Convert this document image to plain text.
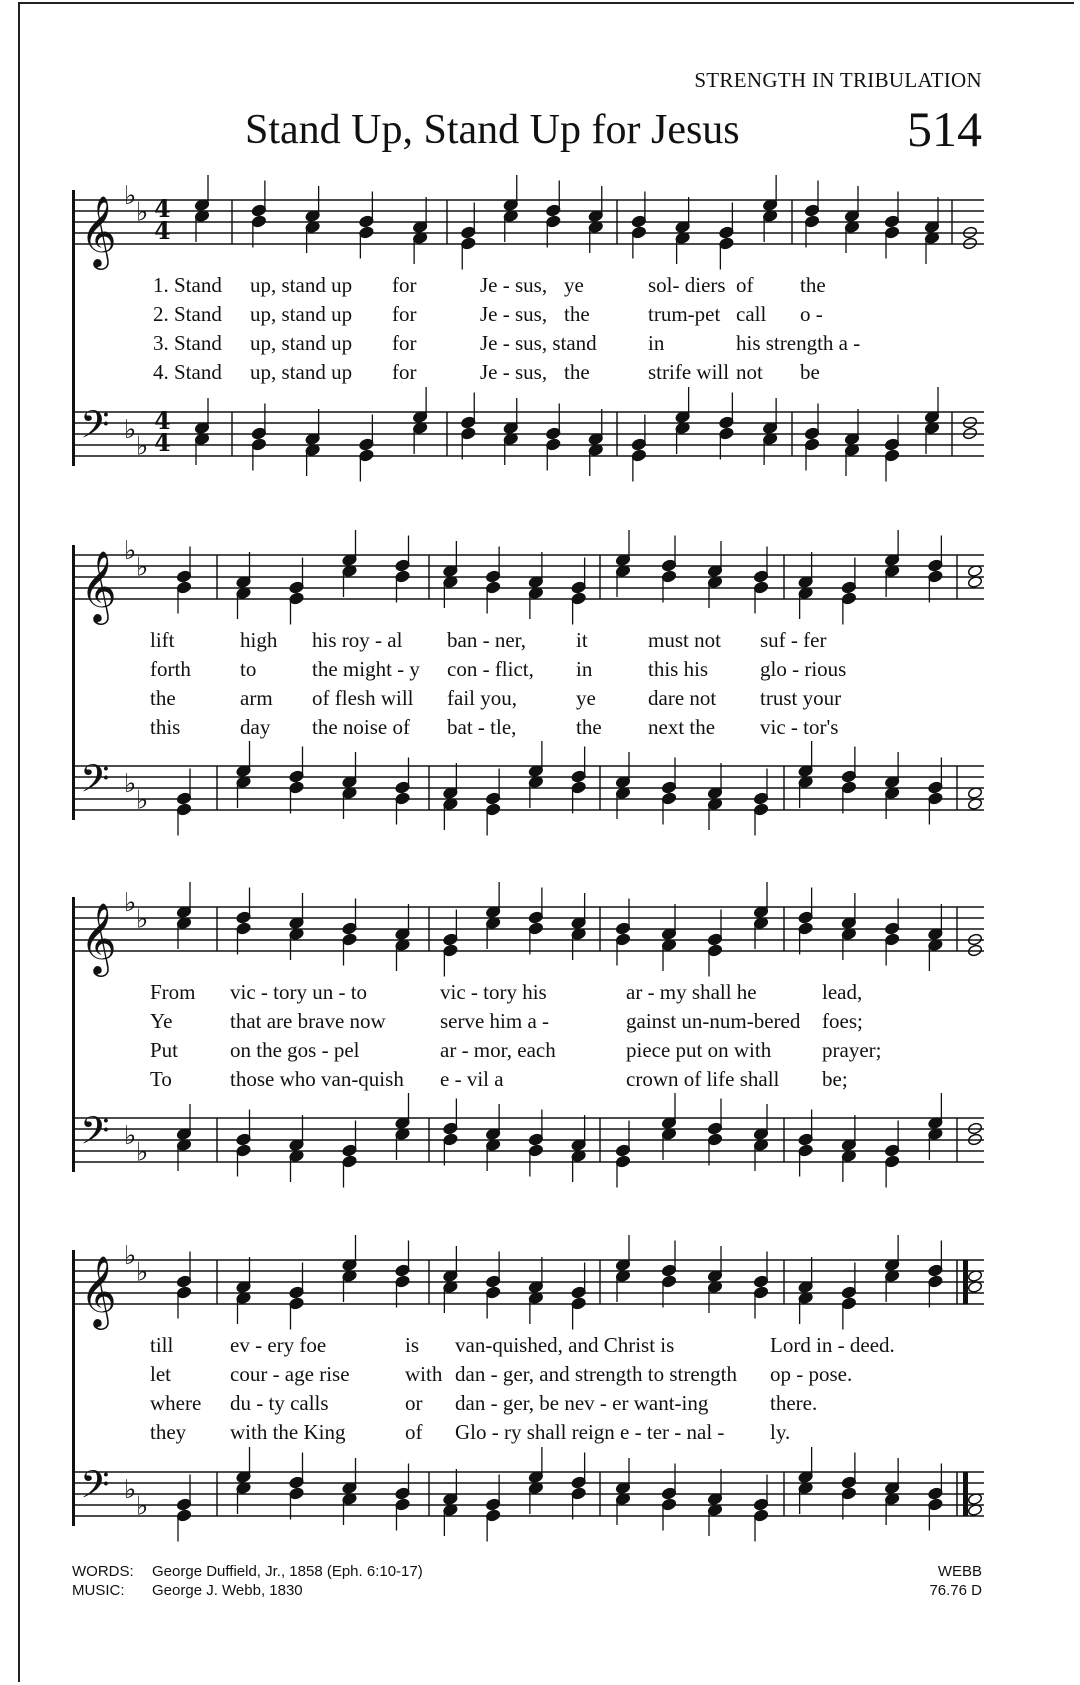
STRENGTH IN TRIBULATION
Stand Up, Stand Up for Jesus	514
𝄞 ♭
♭ 4
4
1. Stand up, stand up for	Je - sus, ye	sol- diers of the
2. Stand up, stand up for	Je - sus, the	trum-pet call o -
3. Stand up, stand up for	Je - sus, stand in	his strength a -
4. Stand up, stand up for	Je - sus, the	strife will not be
𝄢 ♭
♭
4
4
𝄞 ♭
♭
lift	high his roy - al ban - ner, it	must not suf - fer
forth to	the might - y con - flict, in	this his glo - rious
the	arm of flesh will fail you,	ye dare not trust your
this	day the noise of bat - tle,	the next the vic - tor's
𝄢 ♭
♭
𝄞 ♭
♭
From vic - tory un - to	vic - tory his	ar - my shall he	lead,
Ye	that are brave now	serve him a -	gainst un-num-bered foes;
Put on the gos - pel	ar - mor, each	piece put on with prayer;
To	those who van-quish e - vil a	crown of life shall be;
𝄢 ♭
♭
𝄞 ♭
♭
till	ev - ery foe	is van-quished, and Christ is	Lord in - deed.
let	cour - age rise	with dan - ger, and strength to strength op - pose.
where du - ty calls	or dan - ger, be nev - er want-ing	there.
they with the King	of Glo - ry shall reign e - ter - nal - ly.
𝄢 ♭
♭
WORDS: George Duffield, Jr., 1858 (Eph. 6:10-17)
MUSIC: George J. Webb, 1830
WEBB
76.76 D
